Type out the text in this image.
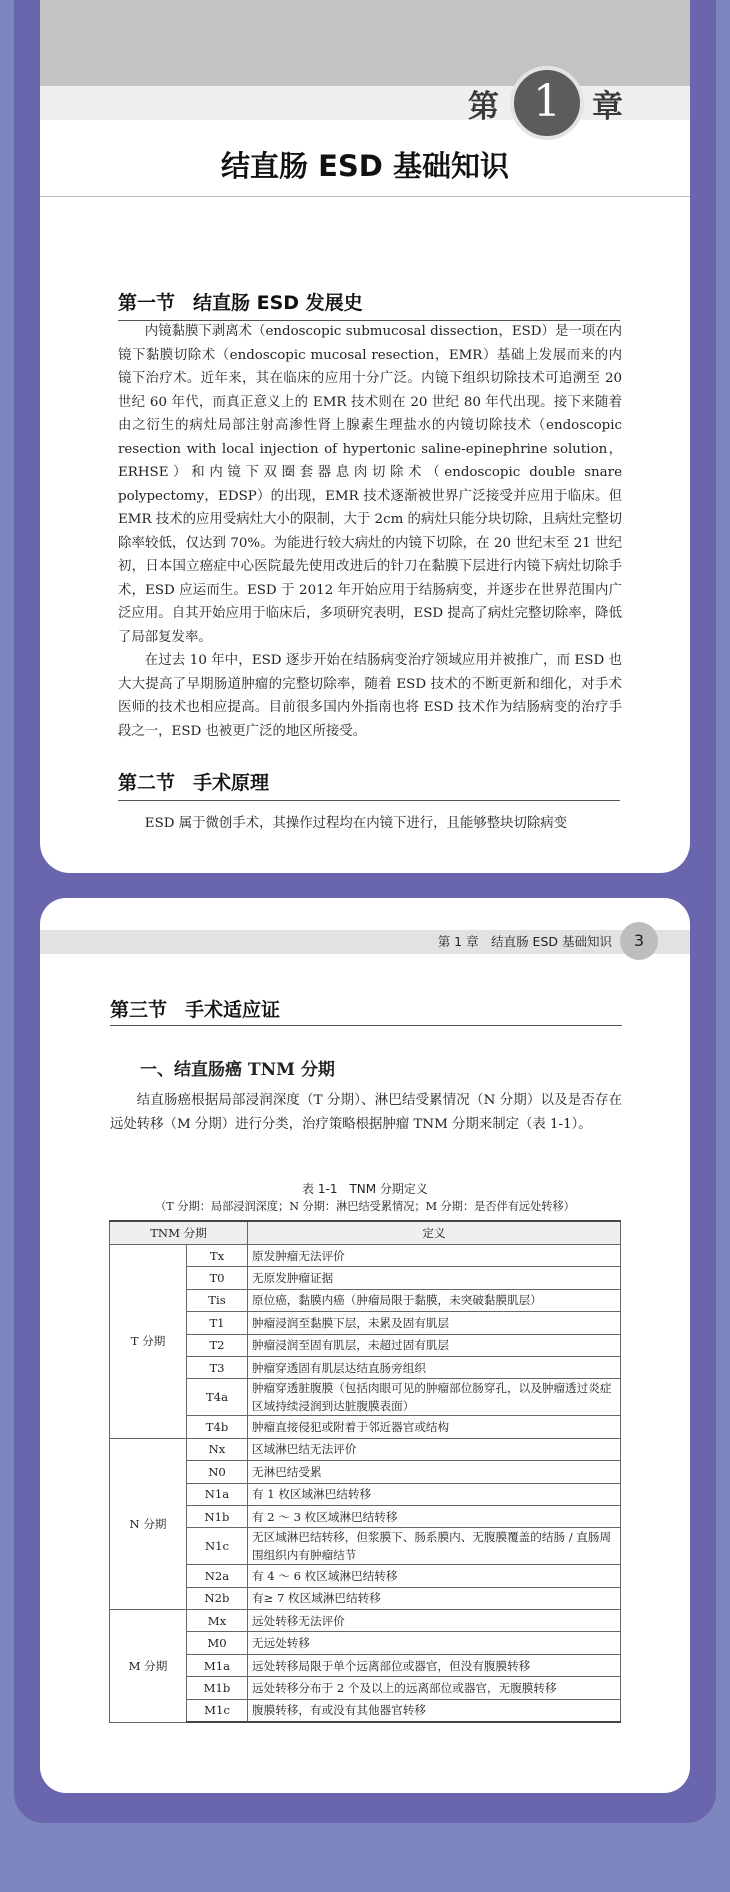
第 1	章
结直肠 ESD 基础知识
第一节 结直肠 ESD 发展史

内镜黏膜下剥离术（endoscopic submucosal dissection，ESD）是一项在内镜下黏膜切除术（endoscopic mucosal resection，EMR）基础上发展而来的内镜下治疗术。近年来，其在临床的应用十分广泛。内镜下组织切除技术可追溯至 20 世纪 60 年代，而真正意义上的 EMR 技术则在 20 世纪 80 年代出现。接下来随着由之衍生的病灶局部注射高渗性肾上腺素生理盐水的内镜切除技术（endoscopic resection with local injection of hypertonic saline-epinephrine solution，ERHSE）和内镜下双圈套器息肉切除术（endoscopic double snare polypectomy，EDSP）的出现，EMR 技术逐渐被世界广泛接受并应用于临床。但 EMR 技术的应用受病灶大小的限制，大于 2cm 的病灶只能分块切除，且病灶完整切除率较低，仅达到 70%。为能进行较大病灶的内镜下切除，在 20 世纪末至 21 世纪初，日本国立癌症中心医院最先使用改进后的针刀在黏膜下层进行内镜下病灶切除手术，ESD 应运而生。ESD 于 2012 年开始应用于结肠病变，并逐步在世界范围内广泛应用。自其开始应用于临床后，多项研究表明，ESD 提高了病灶完整切除率，降低了局部复发率。

在过去 10 年中，ESD 逐步开始在结肠病变治疗领域应用并被推广，而 ESD 也大大提高了早期肠道肿瘤的完整切除率，随着 ESD 技术的不断更新和细化，对手术医师的技术也相应提高。目前很多国内外指南也将 ESD 技术作为结肠病变的治疗手段之一，ESD 也被更广泛的地区所接受。

第二节 手术原理

ESD 属于微创手术，其操作过程均在内镜下进行，且能够整块切除病变

第 1 章　结直肠 ESD 基础知识	3
第三节 手术适应证
一、结直肠癌 TNM 分期

结直肠癌根据局部浸润深度（T 分期）、淋巴结受累情况（N 分期）以及是否存在远处转移（M 分期）进行分类，治疗策略根据肿瘤 TNM 分期来制定（表 1-1）。

表 1-1　TNM 分期定义
（T 分期：局部浸润深度；N 分期：淋巴结受累情况；M 分期：是否伴有远处转移）
TNM 分期		定义
T 分期	Tx	原发肿瘤无法评价
	T0	无原发肿瘤证据
	Tis	原位癌，黏膜内癌（肿瘤局限于黏膜，未突破黏膜肌层）
	T1	肿瘤浸润至黏膜下层，未累及固有肌层
	T2	肿瘤浸润至固有肌层，未超过固有肌层
	T3	肿瘤穿透固有肌层达结直肠旁组织
	T4a	肿瘤穿透脏腹膜（包括肉眼可见的肿瘤部位肠穿孔，以及肿瘤透过炎症区域持续浸润到达脏腹膜表面）
	T4b	肿瘤直接侵犯或附着于邻近器官或结构
N 分期	Nx	区域淋巴结无法评价
	N0	无淋巴结受累
	N1a	有 1 枚区域淋巴结转移
	N1b	有 2 ～ 3 枚区域淋巴结转移
	N1c	无区域淋巴结转移，但浆膜下、肠系膜内、无腹膜覆盖的结肠 / 直肠周围组织内有肿瘤结节
	N2a	有 4 ～ 6 枚区域淋巴结转移
	N2b	有≥ 7 枚区域淋巴结转移
M 分期	Mx	远处转移无法评价
	M0	无远处转移
	M1a	远处转移局限于单个远离部位或器官，但没有腹膜转移
	M1b	远处转移分布于 2 个及以上的远离部位或器官，无腹膜转移
	M1c	腹膜转移，有或没有其他器官转移
